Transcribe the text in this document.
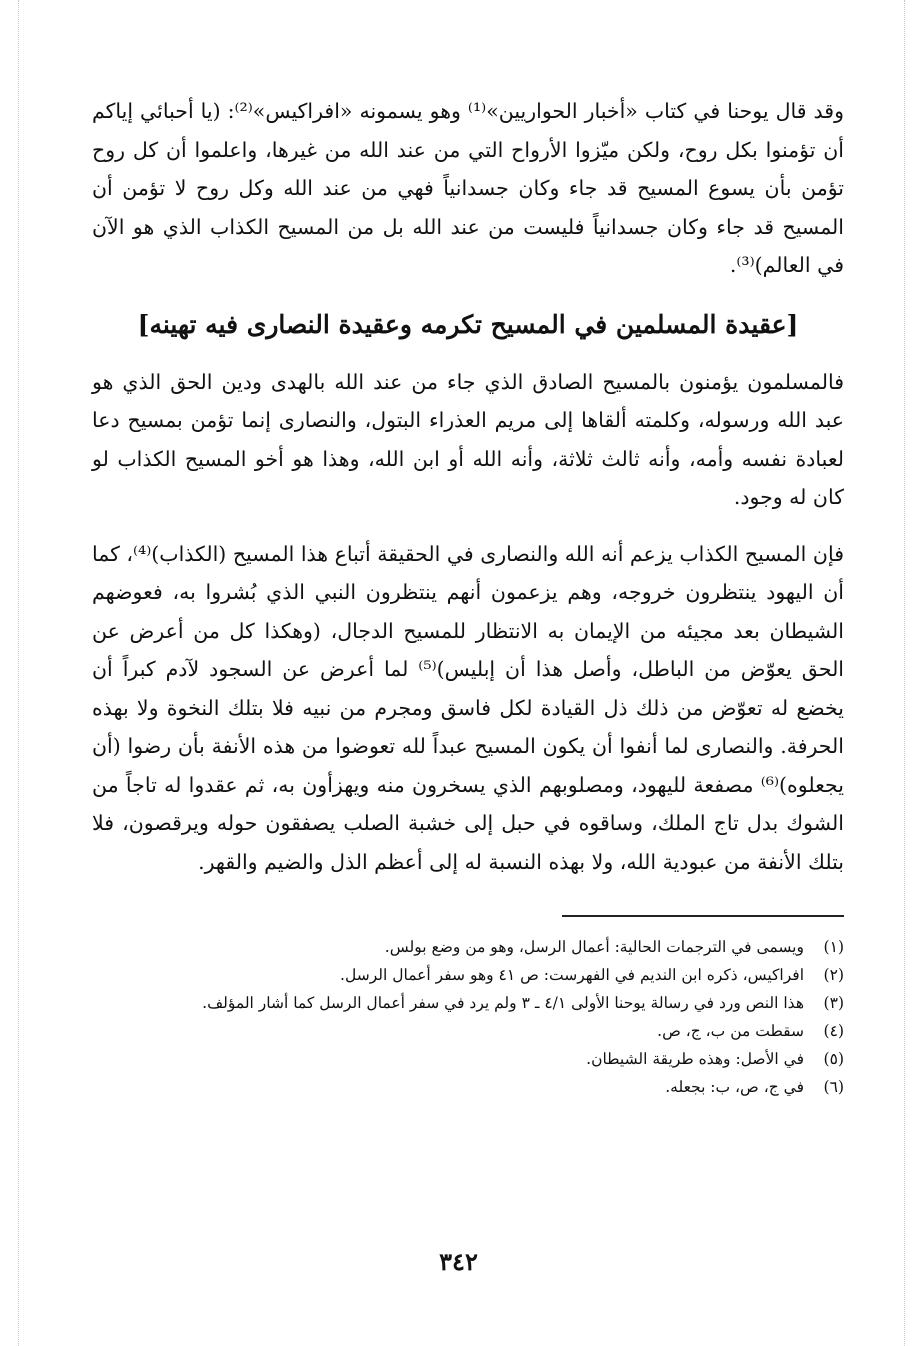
وقد قال يوحنا في كتاب «أخبار الحواريين»⁽¹⁾ وهو يسمونه «افراكيس»⁽²⁾: (يا أحبائي إياكم أن تؤمنوا بكل روح، ولكن ميّزوا الأرواح التي من عند الله من غيرها، واعلموا أن كل روح تؤمن بأن يسوع المسيح قد جاء وكان جسدانياً فهي من عند الله وكل روح لا تؤمن أن المسيح قد جاء وكان جسدانياً فليست من عند الله بل من المسيح الكذاب الذي هو الآن في العالم)⁽³⁾.

[عقيدة المسلمين في المسيح تكرمه وعقيدة النصارى فيه تهينه]

فالمسلمون يؤمنون بالمسيح الصادق الذي جاء من عند الله بالهدى ودين الحق الذي هو عبد الله ورسوله، وكلمته ألقاها إلى مريم العذراء البتول، والنصارى إنما تؤمن بمسيح دعا لعبادة نفسه وأمه، وأنه ثالث ثلاثة، وأنه الله أو ابن الله، وهذا هو أخو المسيح الكذاب لو كان له وجود.

فإن المسيح الكذاب يزعم أنه الله والنصارى في الحقيقة أتباع هذا المسيح (الكذاب)⁽⁴⁾، كما أن اليهود ينتظرون خروجه، وهم يزعمون أنهم ينتظرون النبي الذي بُشروا به، فعوضهم الشيطان بعد مجيئه من الإيمان به الانتظار للمسيح الدجال، (وهكذا كل من أعرض عن الحق يعوّض من الباطل، وأصل هذا أن إبليس)⁽⁵⁾ لما أعرض عن السجود لآدم كبراً أن يخضع له تعوّض من ذلك ذل القيادة لكل فاسق ومجرم من نبيه فلا بتلك النخوة ولا بهذه الحرفة. والنصارى لما أنفوا أن يكون المسيح عبداً لله تعوضوا من هذه الأنفة بأن رضوا (أن يجعلوه)⁽⁶⁾ مصفعة لليهود، ومصلوبهم الذي يسخرون منه ويهزأون به، ثم عقدوا له تاجاً من الشوك بدل تاج الملك، وساقوه في حبل إلى خشبة الصلب يصفقون حوله ويرقصون، فلا بتلك الأنفة من عبودية الله، ولا بهذه النسبة له إلى أعظم الذل والضيم والقهر.

(١)
ويسمى في الترجمات الحالية: أعمال الرسل، وهو من وضع بولس.
(٢)
افراكيس، ذكره ابن النديم في الفهرست: ص ٤١ وهو سفر أعمال الرسل.
(٣)
هذا النص ورد في رسالة يوحنا الأولى ٤/١ ـ ٣ ولم يرد في سفر أعمال الرسل كما أشار المؤلف.
(٤)
سقطت من ب، ج، ص.
(٥)
في الأصل: وهذه طريقة الشيطان.
(٦)
في ج، ص، ب: بجعله.
٣٤٢
